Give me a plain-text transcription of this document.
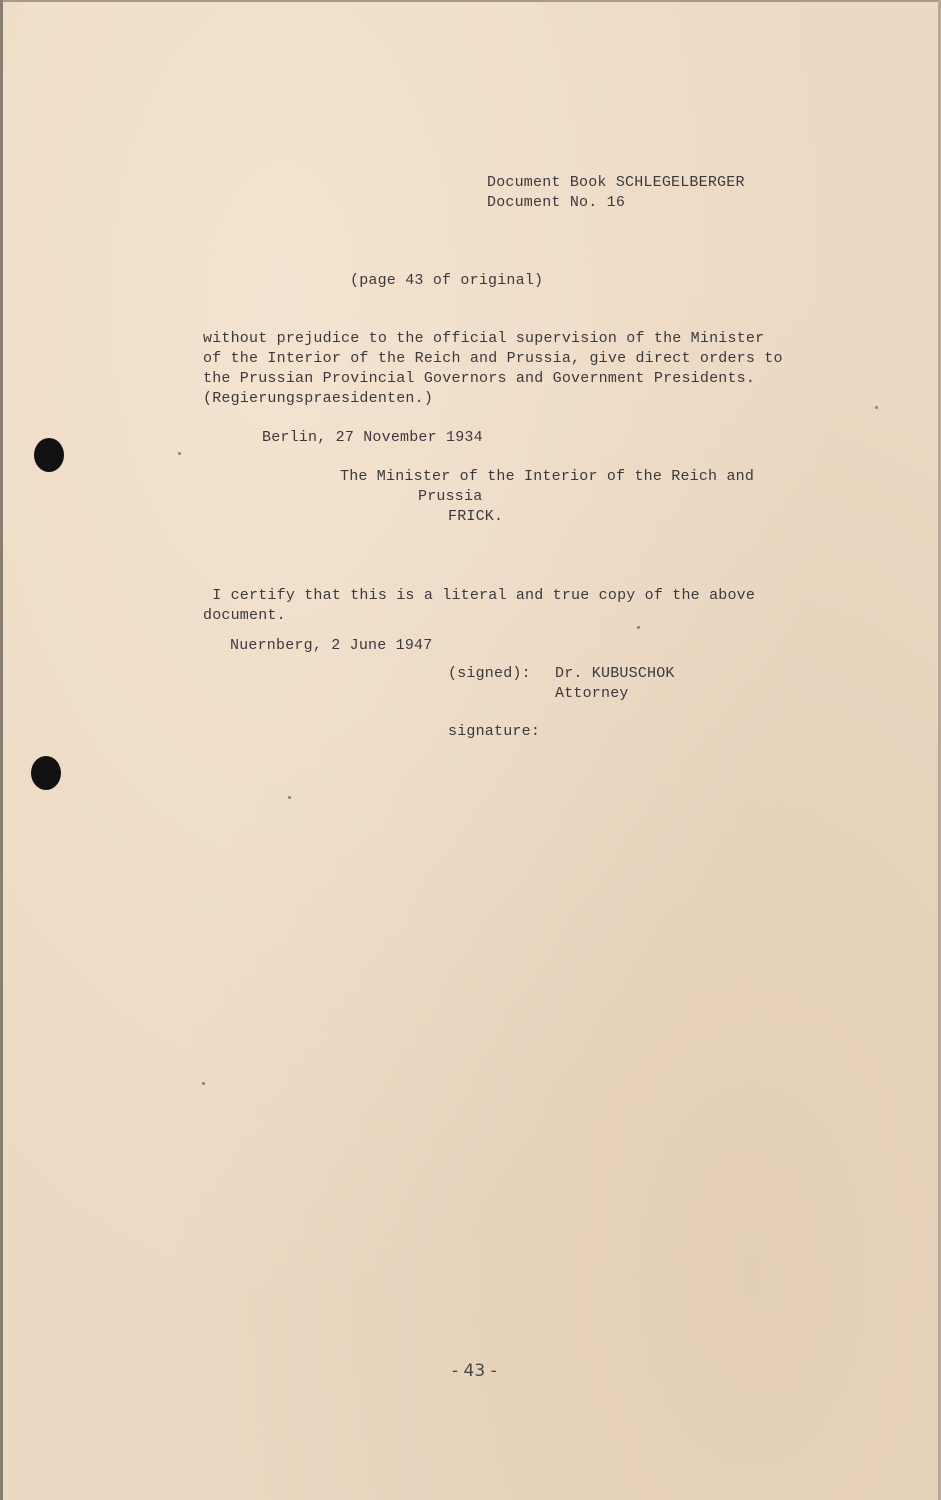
Document Book SCHLEGELBERGER

Document No. 16

(page 43 of original)

without prejudice to the official supervision of the Minister
of the Interior of the Reich and Prussia, give direct orders to
the Prussian Provincial Governors and Government Presidents.
(Regierungspraesidenten.)

Berlin, 27 November 1934

The Minister of the Interior of the Reich and

Prussia

FRICK.

I certify that this is a literal and true copy of the above
document.

Nuernberg, 2 June 1947

(signed): Dr. KUBUSCHOK

Attorney

signature:

- 43 -
